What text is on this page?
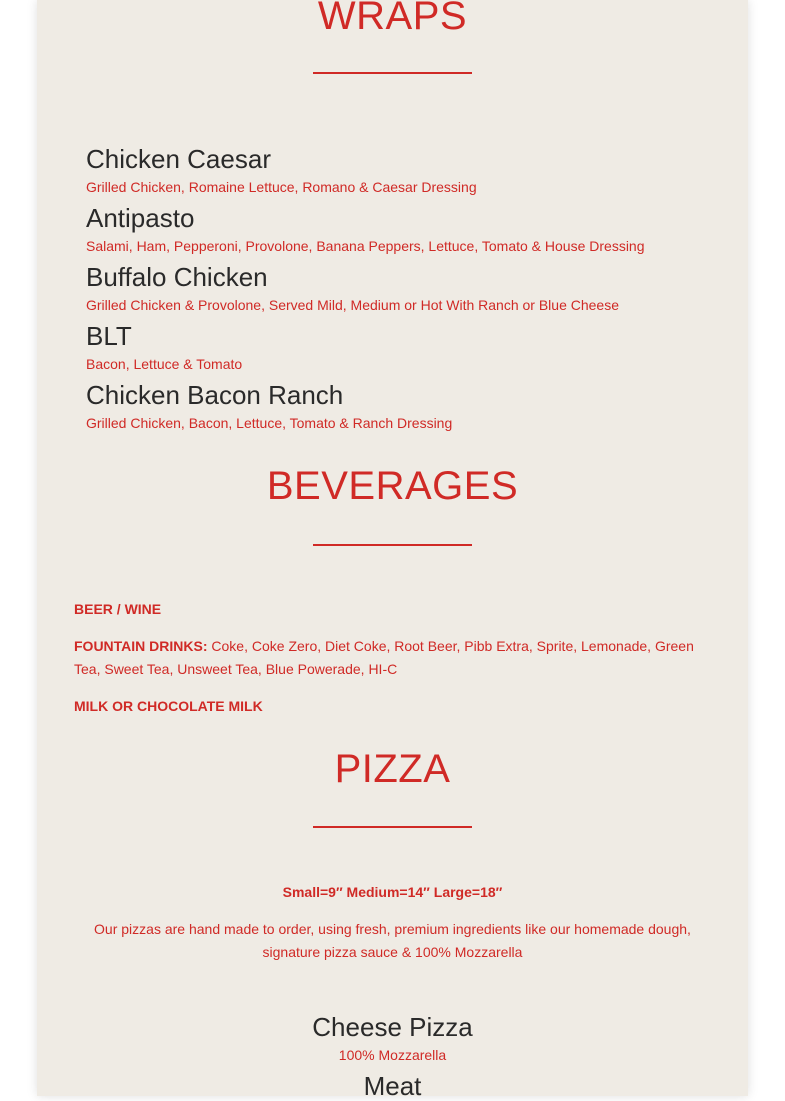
WRAPS
Chicken Caesar
Grilled Chicken, Romaine Lettuce, Romano & Caesar Dressing
Antipasto
Salami, Ham, Pepperoni, Provolone, Banana Peppers, Lettuce, Tomato & House Dressing
Buffalo Chicken
Grilled Chicken & Provolone, Served Mild, Medium or Hot With Ranch or Blue Cheese
BLT
Bacon, Lettuce & Tomato
Chicken Bacon Ranch
Grilled Chicken, Bacon, Lettuce, Tomato & Ranch Dressing
BEVERAGES
BEER / WINE
FOUNTAIN DRINKS: Coke, Coke Zero, Diet Coke, Root Beer, Pibb Extra, Sprite, Lemonade, Green Tea, Sweet Tea, Unsweet Tea, Blue Powerade, HI-C
MILK OR CHOCOLATE MILK
PIZZA
Small=9″ Medium=14″ Large=18″
Our pizzas are hand made to order, using fresh, premium ingredients like our homemade dough, signature pizza sauce & 100% Mozzarella
Cheese Pizza
100% Mozzarella
Meat
